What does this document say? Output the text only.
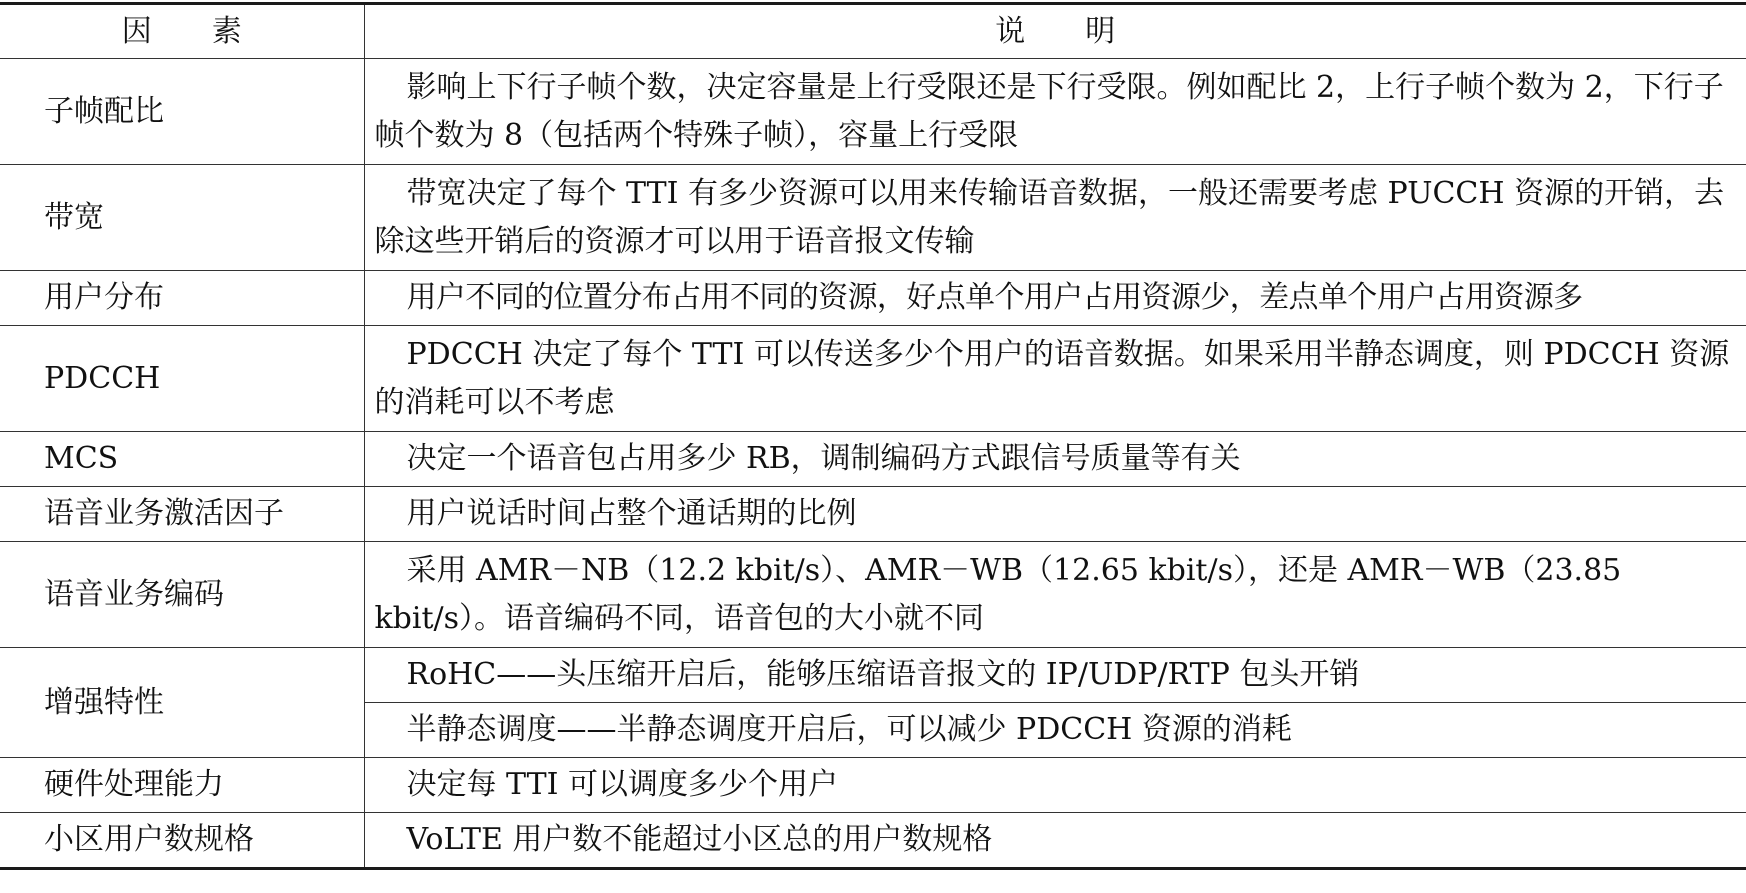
因　　素	说　　明
子帧配比	影响上下行子帧个数，决定容量是上行受限还是下行受限。例如配比 2，上行子帧个数为 2，下行子帧个数为 8（包括两个特殊子帧），容量上行受限
带宽	带宽决定了每个 TTI 有多少资源可以用来传输语音数据，一般还需要考虑 PUCCH 资源的开销，去除这些开销后的资源才可以用于语音报文传输
用户分布	用户不同的位置分布占用不同的资源，好点单个用户占用资源少，差点单个用户占用资源多
PDCCH	PDCCH 决定了每个 TTI 可以传送多少个用户的语音数据。如果采用半静态调度，则 PDCCH 资源的消耗可以不考虑
MCS	决定一个语音包占用多少 RB，调制编码方式跟信号质量等有关
语音业务激活因子	用户说话时间占整个通话期的比例
语音业务编码	采用 AMR－NB（12.2 kbit/s）、AMR－WB（12.65 kbit/s），还是 AMR－WB（23.85 kbit/s）。语音编码不同，语音包的大小就不同
增强特性	RoHC——头压缩开启后，能够压缩语音报文的 IP/UDP/RTP 包头开销
	半静态调度——半静态调度开启后，可以减少 PDCCH 资源的消耗
硬件处理能力	决定每 TTI 可以调度多少个用户
小区用户数规格	VoLTE 用户数不能超过小区总的用户数规格
